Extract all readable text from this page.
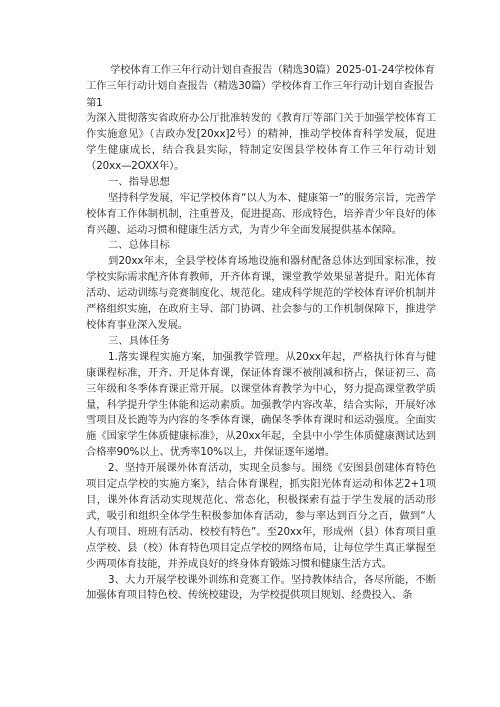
学校体育工作三年行动计划自查报告（精选30篇）2025-01-24学校体育工作三年行动计划自查报告（精选30篇）学校体育工作三年行动计划自查报告第1

为深入贯彻落实省政府办公厅批准转发的《教育厅等部门关于加强学校体育工作实施意见》（吉政办发[20xx]2号）的精神，推动学校体育科学发展，促进学生健康成长，结合我县实际，特制定安图县学校体育工作三年行动计划（20xx—2OXX年）。

一、指导思想

坚持科学发展，牢记学校体育“以人为本、健康第一”的服务宗旨，完善学校体育工作体制机制，注重普及，促进提高、形成特色，培养青少年良好的体育兴趣、运动习惯和健康生活方式，为青少年全面发展提供基本保障。

二、总体目标

到20xx年末，全县学校体育场地设施和器材配备总体达到国家标准，按学校实际需求配齐体育教师，开齐体育课，课堂教学效果显著提升。阳光体育活动、运动训练与竞赛制度化、规范化。建成科学规范的学校体育评价机制并严格组织实施，在政府主导、部门协调、社会参与的工作机制保障下，推进学校体育事业深入发展。

三、具体任务

1.落实课程实施方案，加强教学管理。从20xx年起，严格执行体育与健康课程标准，开齐、开足体育课，保证体育课不被削减和挤占，保证初三、高三年级和冬季体育课正常开展。以课堂体育教学为中心，努力提高课堂教学质量，科学提升学生体能和运动素质。加强教学内容改革，结合实际，开展好冰雪项目及长跑等为内容的冬季体育课，确保冬季体育课时和运动强度。全面实施《国家学生体质健康标准》，从20xx年起，全县中小学生体质健康测试达到合格率90%以上、优秀率10%以上，并保证逐年递增。

2、坚持开展课外体育活动，实现全员参与。围绕《安图县创建体育特色项目定点学校的实施方案》，结合体育课程，抓实阳光体育运动和体艺2+1项目，课外体育活动实现规范化、常态化，积极探索有益于学生发展的活动形式，吸引和组织全体学生积极参加体育活动，参与率达到百分之百，做到“人人有项目、班班有活动、校校有特色”。至20xx年，形成州（县）体育项目重点学校、县（校）体育特色项目定点学校的网络布局，让每位学生真正掌握至少两项体育技能，并养成良好的终身体育锻炼习惯和健康生活方式。

3、大力开展学校课外训练和竞赛工作。坚持教体结合，各尽所能，不断加强体育项目特色校、传统校建设，为学校提供项目规划、经费投入、条
